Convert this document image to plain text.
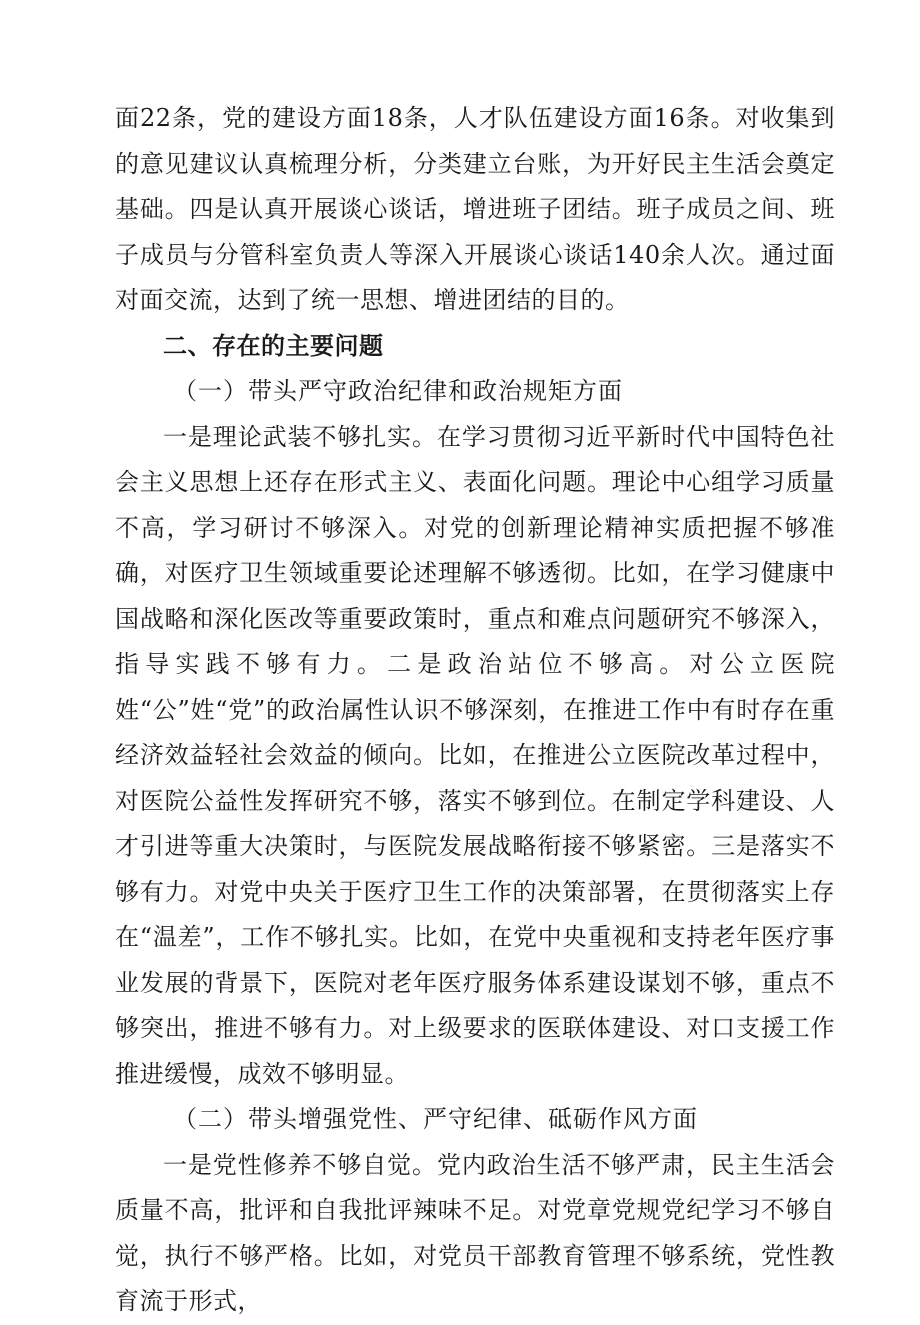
面22条，党的建设方面18条，人才队伍建设方面16条。对收集到的意见建议认真梳理分析，分类建立台账，为开好民主生活会奠定基础。四是认真开展谈心谈话，增进班子团结。班子成员之间、班子成员与分管科室负责人等深入开展谈心谈话140余人次。通过面对面交流，达到了统一思想、增进团结的目的。

二、存在的主要问题

（一）带头严守政治纪律和政治规矩方面

一是理论武装不够扎实。在学习贯彻习近平新时代中国特色社会主义思想上还存在形式主义、表面化问题。理论中心组学习质量不高，学习研讨不够深入。对党的创新理论精神实质把握不够准确，对医疗卫生领域重要论述理解不够透彻。比如，在学习健康中国战略和深化医改等重要政策时，重点和难点问题研究不够深入，指导实践不够有力。二是政治站位不够高。对公立医院姓“公”姓“党”的政治属性认识不够深刻，在推进工作中有时存在重经济效益轻社会效益的倾向。比如，在推进公立医院改革过程中，对医院公益性发挥研究不够，落实不够到位。在制定学科建设、人才引进等重大决策时，与医院发展战略衔接不够紧密。三是落实不够有力。对党中央关于医疗卫生工作的决策部署，在贯彻落实上存在“温差”，工作不够扎实。比如，在党中央重视和支持老年医疗事业发展的背景下，医院对老年医疗服务体系建设谋划不够，重点不够突出，推进不够有力。对上级要求的医联体建设、对口支援工作推进缓慢，成效不够明显。

（二）带头增强党性、严守纪律、砥砺作风方面

一是党性修养不够自觉。党内政治生活不够严肃，民主生活会质量不高，批评和自我批评辣味不足。对党章党规党纪学习不够自觉，执行不够严格。比如，对党员干部教育管理不够系统，党性教育流于形式，
